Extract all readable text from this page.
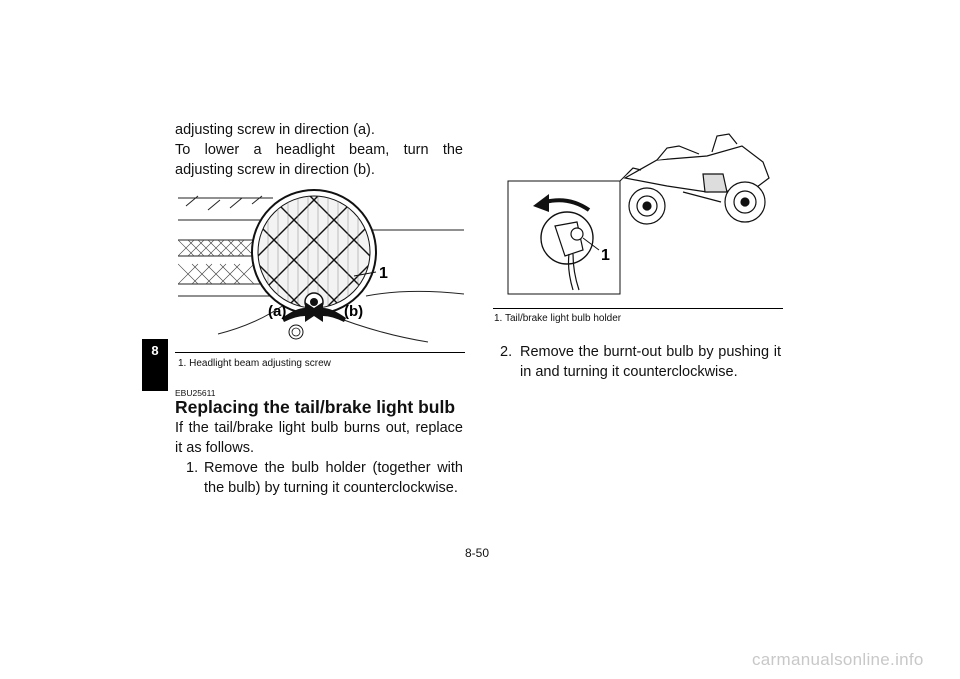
8
adjusting screw in direction (a).
To lower a headlight beam, turn the adjusting screw in direction (b).
1
(a)	(b)
1. Headlight beam adjusting screw
EBU25611
Replacing the tail/brake light bulb
If the tail/brake light bulb burns out, replace it as follows.
1. Remove the bulb holder (together with the bulb) by turning it counterclockwise.
1
1. Tail/brake light bulb holder
2. Remove the burnt-out bulb by pushing it in and turning it counterclockwise.
8-50
carmanualsonline.info
